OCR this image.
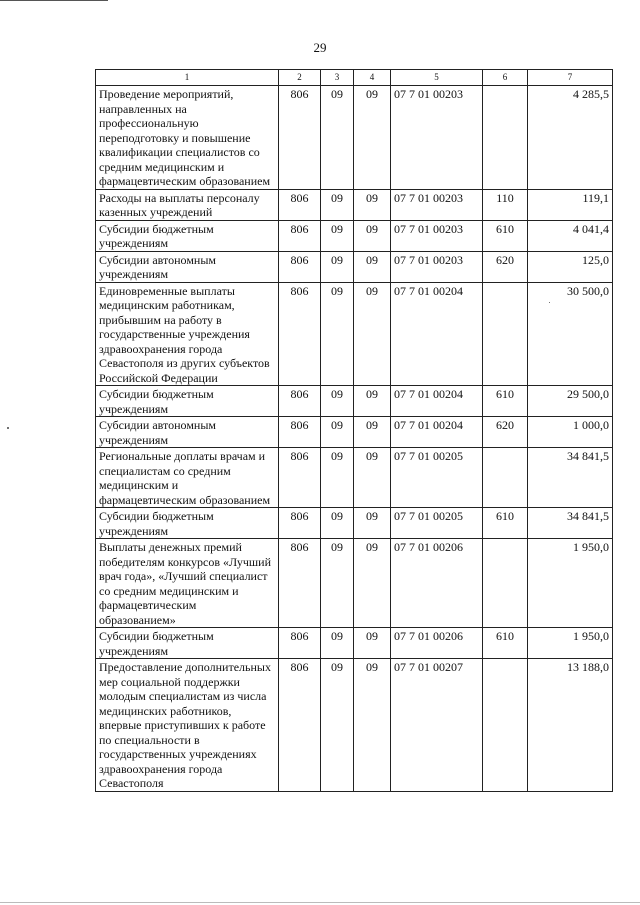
29
1	2	3	4	5	6	7
Проведение мероприятий, направленных на профессиональную переподготовку и повышение квалификации специалистов со средним медицинским и фармацевтическим образованием	806	09	09	07 7 01 00203		4 285,5
Расходы на выплаты персоналу казенных учреждений	806	09	09	07 7 01 00203	110	119,1
Субсидии бюджетным учреждениям	806	09	09	07 7 01 00203	610	4 041,4
Субсидии автономным учреждениям	806	09	09	07 7 01 00203	620	125,0
Единовременные выплаты медицинским работникам, прибывшим на работу в государственные учреждения здравоохранения города Севастополя из других субъектов Российской Федерации	806	09	09	07 7 01 00204		30 500,0
Субсидии бюджетным учреждениям	806	09	09	07 7 01 00204	610	29 500,0
Субсидии автономным учреждениям	806	09	09	07 7 01 00204	620	1 000,0
Региональные доплаты врачам и специалистам со средним медицинским и фармацевтическим образованием	806	09	09	07 7 01 00205		34 841,5
Субсидии бюджетным учреждениям	806	09	09	07 7 01 00205	610	34 841,5
Выплаты денежных премий победителям конкурсов «Лучший врач года», «Лучший специалист со средним медицинским и фармацевтическим образованием»	806	09	09	07 7 01 00206		1 950,0
Субсидии бюджетным учреждениям	806	09	09	07 7 01 00206	610	1 950,0
Предоставление дополнительных мер социальной поддержки молодым специалистам из числа медицинских работников, впервые приступивших к работе по специальности в государственных учреждениях здравоохранения города Севастополя	806	09	09	07 7 01 00207		13 188,0
